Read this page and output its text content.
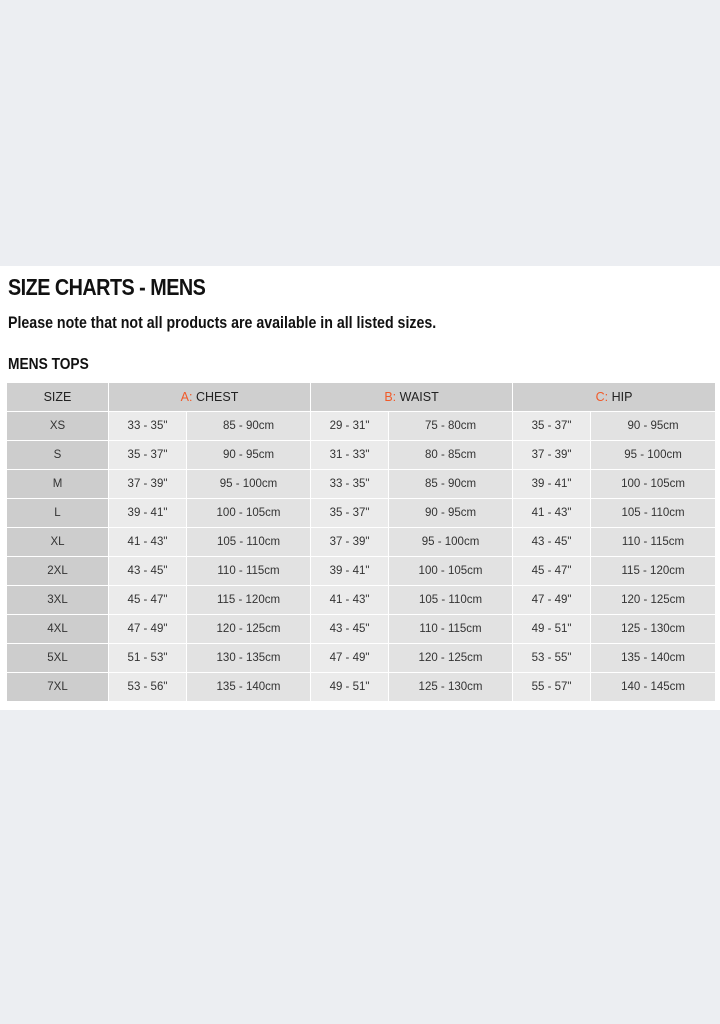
SIZE CHARTS - MENS

Please note that not all products are available in all listed sizes.

MENS TOPS
SIZE	A: CHEST		B: WAIST		C: HIP	
XS	33 - 35"	85 - 90cm	29 - 31"	75 - 80cm	35 - 37"	90 - 95cm
S	35 - 37"	90 - 95cm	31 - 33"	80 - 85cm	37 - 39"	95 - 100cm
M	37 - 39"	95 - 100cm	33 - 35"	85 - 90cm	39 - 41"	100 - 105cm
L	39 - 41"	100 - 105cm	35 - 37"	90 - 95cm	41 - 43"	105 - 110cm
XL	41 - 43"	105 - 110cm	37 - 39"	95 - 100cm	43 - 45"	110 - 115cm
2XL	43 - 45"	110 - 115cm	39 - 41"	100 - 105cm	45 - 47"	115 - 120cm
3XL	45 - 47"	115 - 120cm	41 - 43"	105 - 110cm	47 - 49"	120 - 125cm
4XL	47 - 49"	120 - 125cm	43 - 45"	110 - 115cm	49 - 51"	125 - 130cm
5XL	51 - 53"	130 - 135cm	47 - 49"	120 - 125cm	53 - 55"	135 - 140cm
7XL	53 - 56"	135 - 140cm	49 - 51"	125 - 130cm	55 - 57"	140 - 145cm
